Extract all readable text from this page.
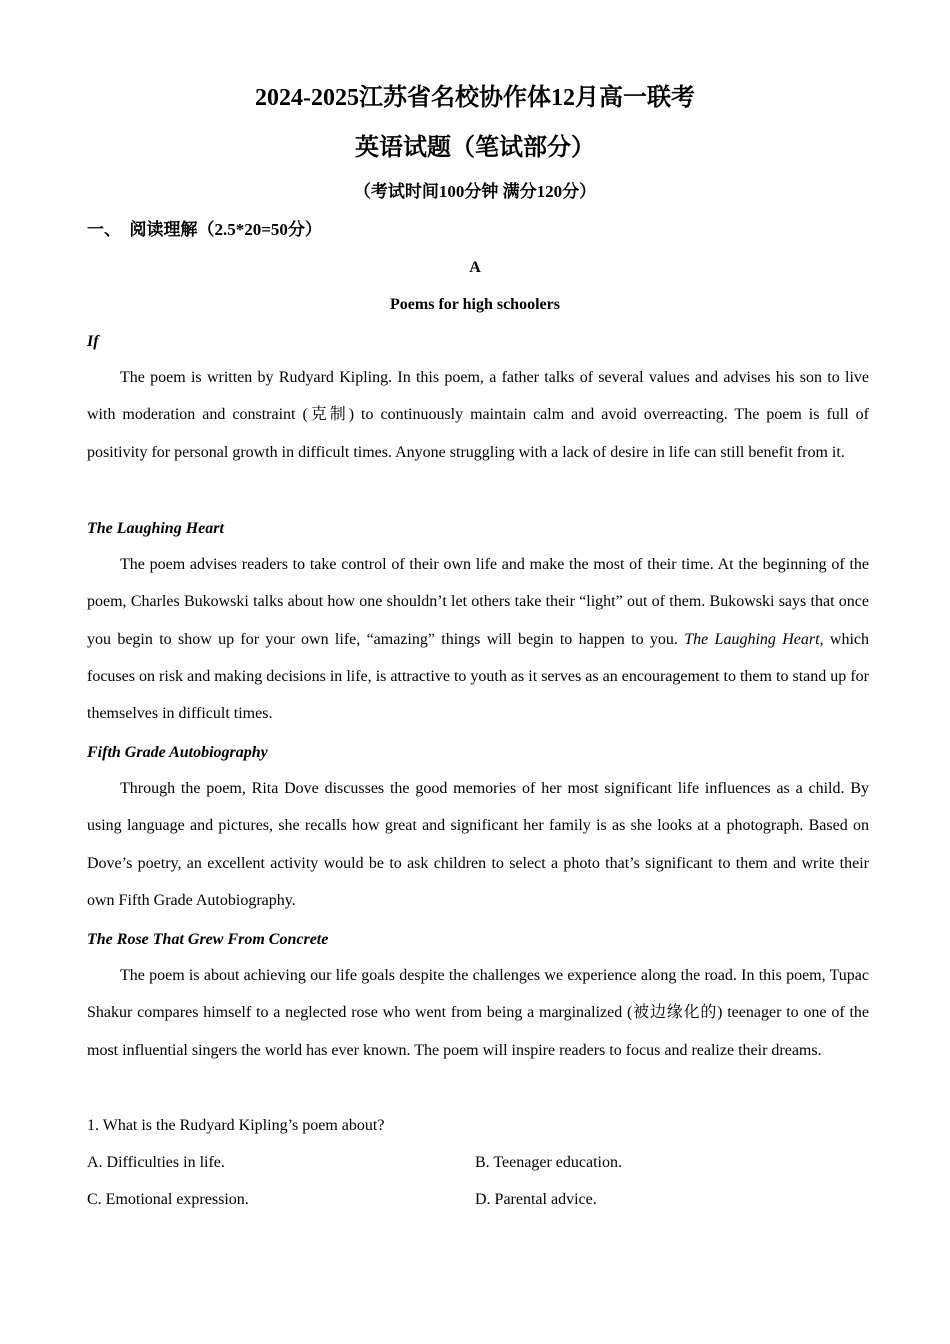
2024-2025江苏省名校协作体12月高一联考
英语试题（笔试部分）
（考试时间100分钟 满分120分）
一、  阅读理解（2.5*20=50分）
A
Poems for high schoolers
If

The poem is written by Rudyard Kipling. In this poem, a father talks of several values and advises his son to live with moderation and constraint (克制) to continuously maintain calm and avoid overreacting. The poem is full of positivity for personal growth in difficult times. Anyone struggling with a lack of desire in life can still benefit from it.

The Laughing Heart

The poem advises readers to take control of their own life and make the most of their time. At the beginning of the poem, Charles Bukowski talks about how one shouldn’t let others take their “light” out of them. Bukowski says that once you begin to show up for your own life, “amazing” things will begin to happen to you. The Laughing Heart, which focuses on risk and making decisions in life, is attractive to youth as it serves as an encouragement to them to stand up for themselves in difficult times.

Fifth Grade Autobiography

Through the poem, Rita Dove discusses the good memories of her most significant life influences as a child. By using language and pictures, she recalls how great and significant her family is as she looks at a photograph. Based on Dove’s poetry, an excellent activity would be to ask children to select a photo that’s significant to them and write their own Fifth Grade Autobiography.

The Rose That Grew From Concrete

The poem is about achieving our life goals despite the challenges we experience along the road. In this poem, Tupac Shakur compares himself to a neglected rose who went from being a marginalized (被边缘化的) teenager to one of the most influential singers the world has ever known. The poem will inspire readers to focus and realize their dreams.

1. What is the Rudyard Kipling’s poem about?
A. Difficulties in life.	B. Teenager education.
C. Emotional expression.	D. Parental advice.
